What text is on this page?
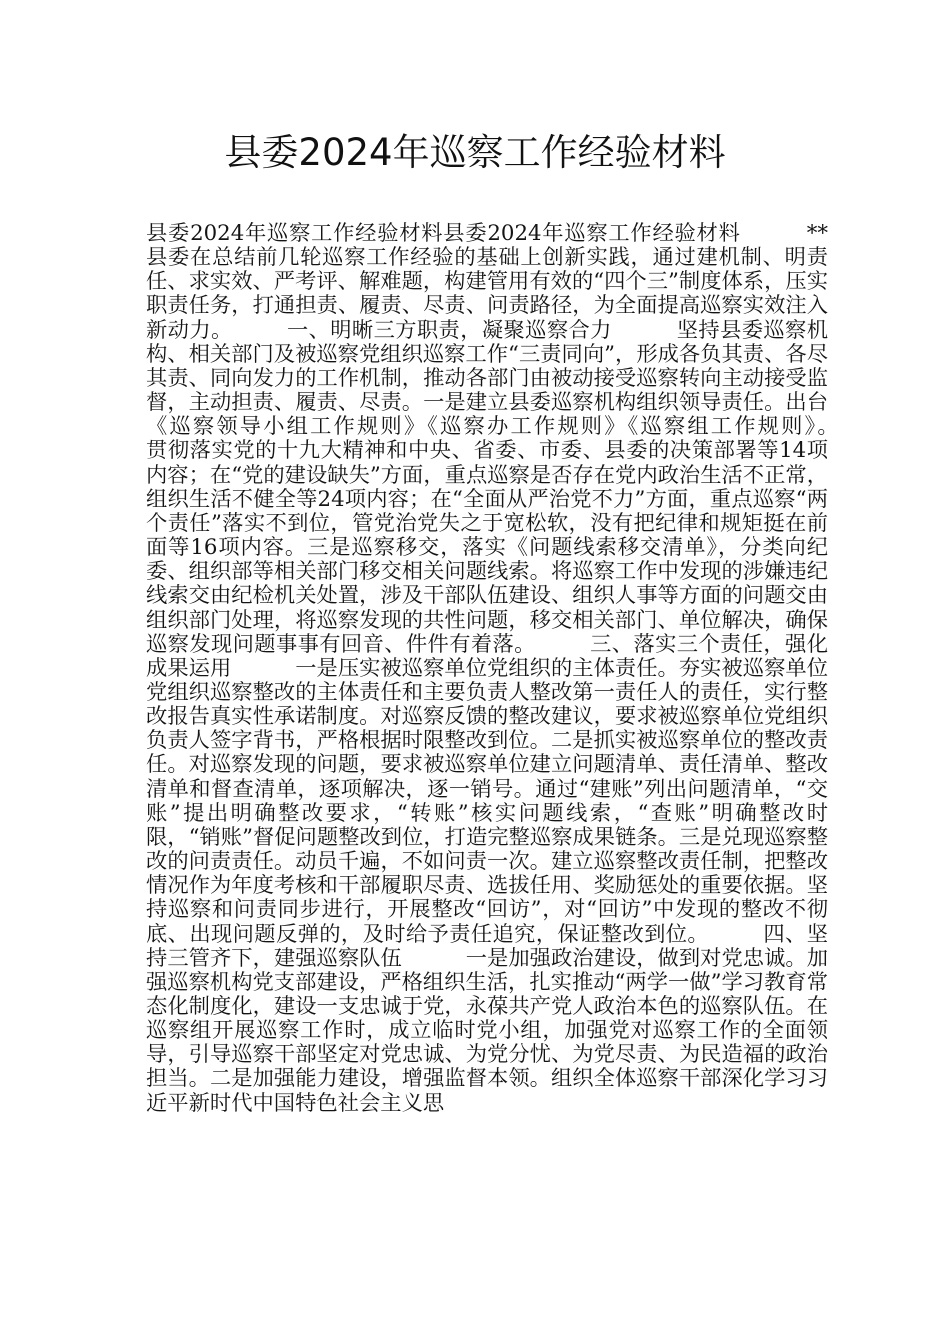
县委2024年巡察工作经验材料

县委2024年巡察工作经验材料县委2024年巡察工作经验材料　　　**县委在总结前几轮巡察工作经验的基础上创新实践，通过建机制、明责任、求实效、严考评、解难题，构建管用有效的“四个三”制度体系，压实职责任务，打通担责、履责、尽责、问责路径，为全面提高巡察实效注入新动力。　　　一、明晰三方职责，凝聚巡察合力　　　坚持县委巡察机构、相关部门及被巡察党组织巡察工作“三责同向”，形成各负其责、各尽其责、同向发力的工作机制，推动各部门由被动接受巡察转向主动接受监督，主动担责、履责、尽责。一是建立县委巡察机构组织领导责任。出台《巡察领导小组工作规则》《巡察办工作规则》《巡察组工作规则》。　　　贯彻落实党的十九大精神和中央、省委、市委、县委的决策部署等14项内容；在“党的建设缺失”方面，重点巡察是否存在党内政治生活不正常，组织生活不健全等24项内容；在“全面从严治党不力”方面，重点巡察“两个责任”落实不到位，管党治党失之于宽松软，没有把纪律和规矩挺在前面等16项内容。三是巡察移交，落实《问题线索移交清单》，分类向纪委、组织部等相关部门移交相关问题线索。将巡察工作中发现的涉嫌违纪线索交由纪检机关处置，涉及干部队伍建设、组织人事等方面的问题交由组织部门处理，将巡察发现的共性问题，移交相关部门、单位解决，确保巡察发现问题事事有回音、件件有着落。　　　三、落实三个责任，强化成果运用　　　一是压实被巡察单位党组织的主体责任。夯实被巡察单位党组织巡察整改的主体责任和主要负责人整改第一责任人的责任，实行整改报告真实性承诺制度。对巡察反馈的整改建议，要求被巡察单位党组织负责人签字背书，严格根据时限整改到位。二是抓实被巡察单位的整改责任。对巡察发现的问题，要求被巡察单位建立问题清单、责任清单、整改清单和督查清单，逐项解决，逐一销号。通过“建账”列出问题清单，“交账”提出明确整改要求，“转账”核实问题线索，“查账”明确整改时限，“销账”督促问题整改到位，打造完整巡察成果链条。三是兑现巡察整改的问责责任。动员千遍，不如问责一次。建立巡察整改责任制，把整改情况作为年度考核和干部履职尽责、选拔任用、奖励惩处的重要依据。坚持巡察和问责同步进行，开展整改“回访”，对“回访”中发现的整改不彻底、出现问题反弹的，及时给予责任追究，保证整改到位。　　　四、坚持三管齐下，建强巡察队伍　　　一是加强政治建设，做到对党忠诚。加强巡察机构党支部建设，严格组织生活，扎实推动“两学一做”学习教育常态化制度化，建设一支忠诚于党，永葆共产党人政治本色的巡察队伍。在巡察组开展巡察工作时，成立临时党小组，加强党对巡察工作的全面领导，引导巡察干部坚定对党忠诚、为党分忧、为党尽责、为民造福的政治担当。二是加强能力建设，增强监督本领。组织全体巡察干部深化学习习近平新时代中国特色社会主义思
